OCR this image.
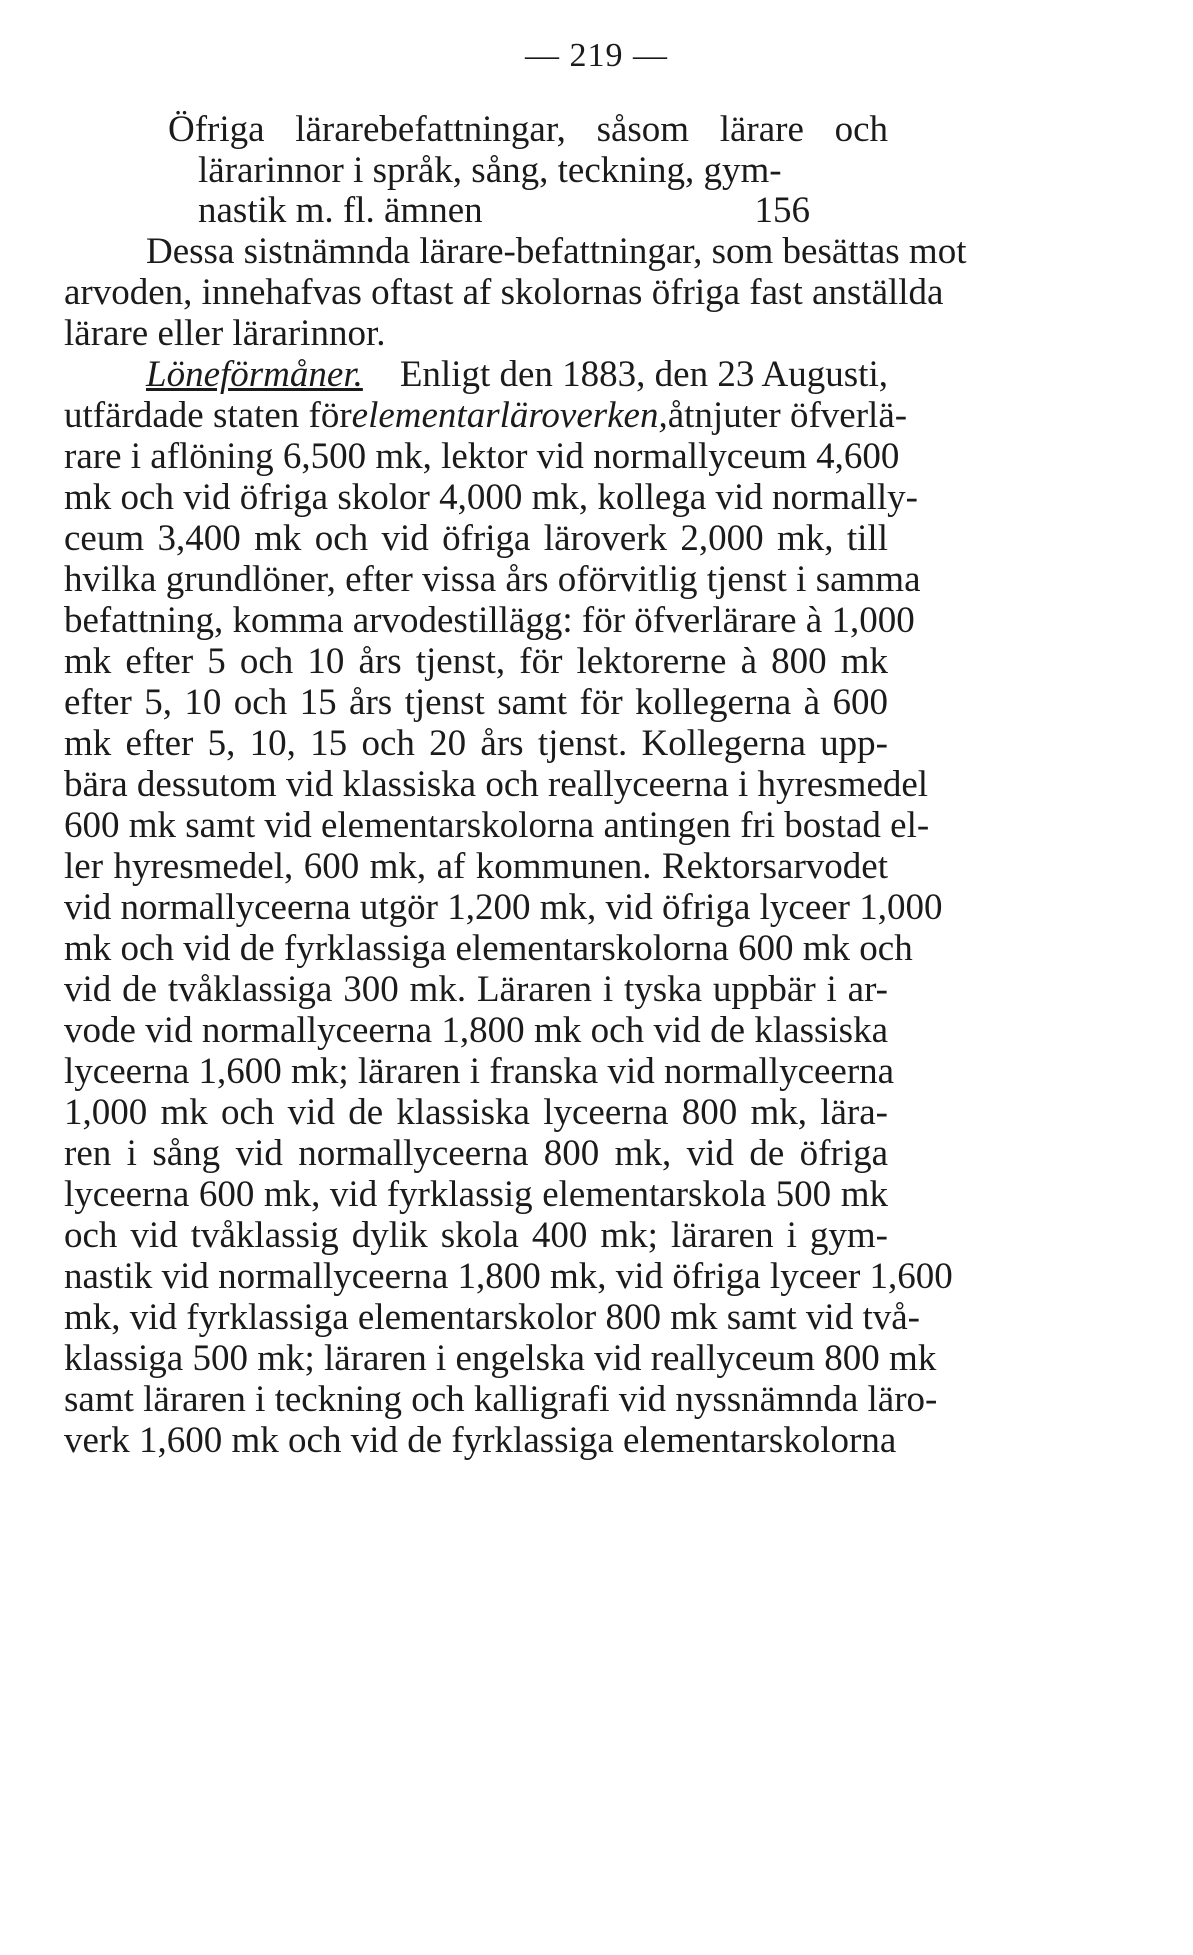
— 219 —
Öfriga lärarebefattningar, såsom lärare och
lärarinnor i språk, sång, teckning, gym-
nastik m. fl. ämnen	156
Dessa sistnämnda lärare-befattningar, som besättas mot
arvoden, innehafvas oftast af skolornas öfriga fast anställda
lärare eller lärarinnor.
Löneförmåner. Enligt den 1883, den 23 Augusti,
utfärdade staten för elementarläroverken, åtnjuter öfverlä-
rare i aflöning 6,500 mk, lektor vid normallyceum 4,600
mk och vid öfriga skolor 4,000 mk, kollega vid normally-
ceum 3,400 mk och vid öfriga läroverk 2,000 mk, till
hvilka grundlöner, efter vissa års oförvitlig tjenst i samma
befattning, komma arvodestillägg: för öfverlärare à 1,000
mk efter 5 och 10 års tjenst, för lektorerne à 800 mk
efter 5, 10 och 15 års tjenst samt för kollegerna à 600
mk efter 5, 10, 15 och 20 års tjenst. Kollegerna upp-
bära dessutom vid klassiska och reallyceerna i hyresmedel
600 mk samt vid elementarskolorna antingen fri bostad el-
ler hyresmedel, 600 mk, af kommunen. Rektorsarvodet
vid normallyceerna utgör 1,200 mk, vid öfriga lyceer 1,000
mk och vid de fyrklassiga elementarskolorna 600 mk och
vid de tvåklassiga 300 mk. Läraren i tyska uppbär i ar-
vode vid normallyceerna 1,800 mk och vid de klassiska
lyceerna 1,600 mk; läraren i franska vid normallyceerna
1,000 mk och vid de klassiska lyceerna 800 mk, lära-
ren i sång vid normallyceerna 800 mk, vid de öfriga
lyceerna 600 mk, vid fyrklassig elementarskola 500 mk
och vid tvåklassig dylik skola 400 mk; läraren i gym-
nastik vid normallyceerna 1,800 mk, vid öfriga lyceer 1,600
mk, vid fyrklassiga elementarskolor 800 mk samt vid två-
klassiga 500 mk; läraren i engelska vid reallyceum 800 mk
samt läraren i teckning och kalligrafi vid nyssnämnda läro-
verk 1,600 mk och vid de fyrklassiga elementarskolorna
